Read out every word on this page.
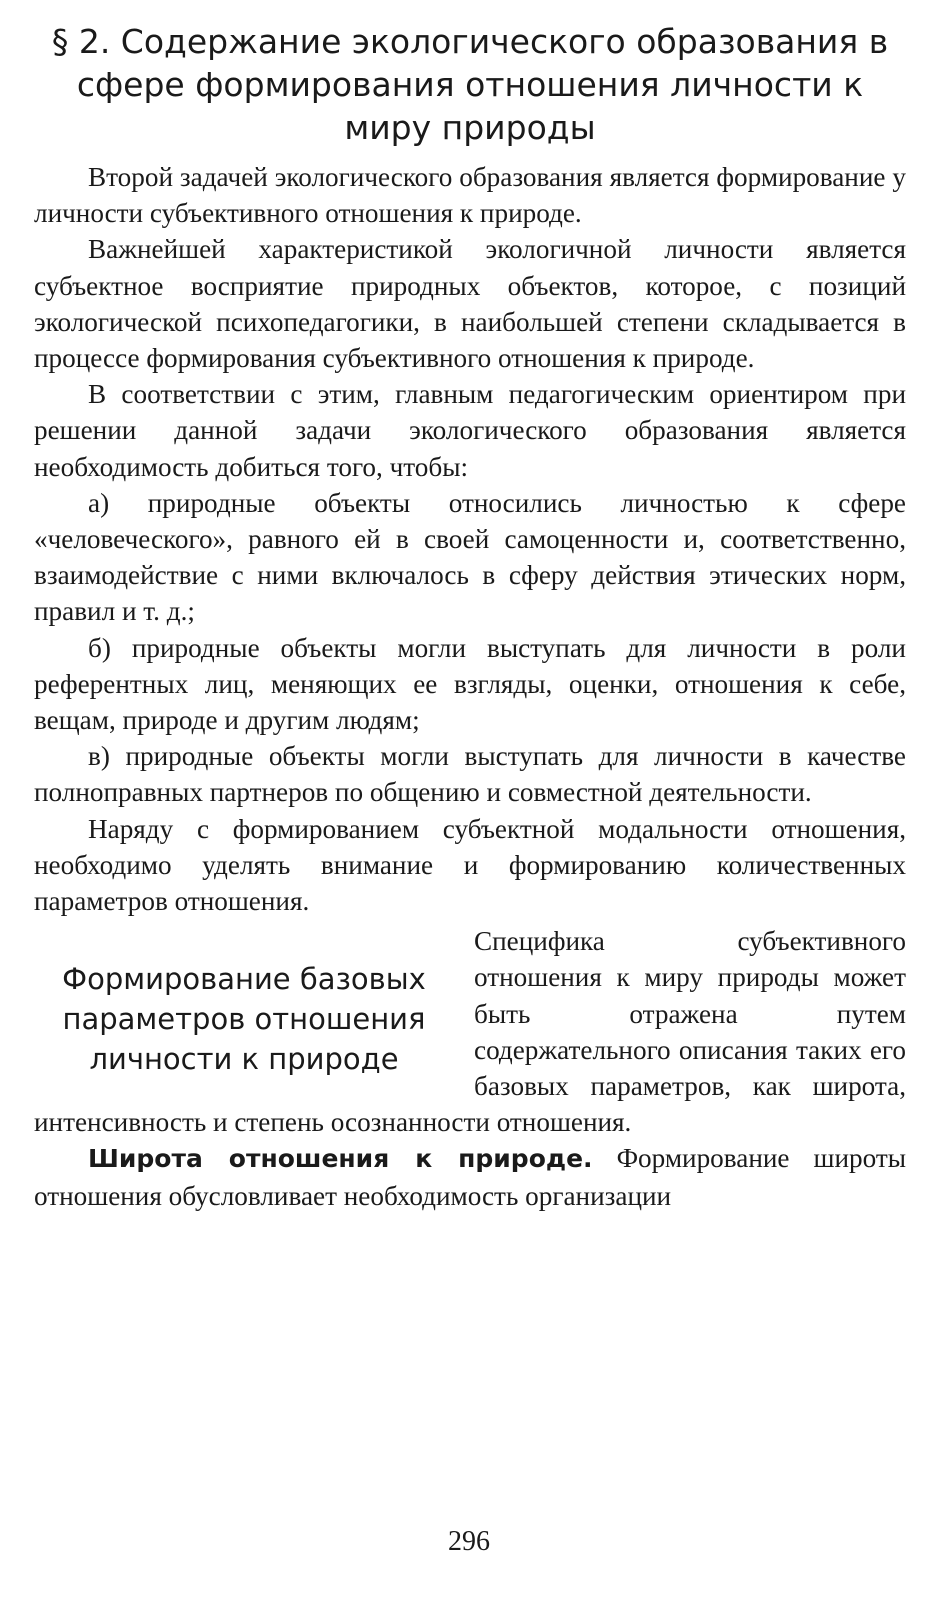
§ 2. Содержание экологического образования в сфере формирования отношения личности к миру природы

Второй задачей экологического образования является формирование у личности субъективного отношения к природе.

Важнейшей характеристикой экологичной личности является субъектное восприятие природных объектов, которое, с позиций экологической психопедагогики, в наибольшей степени складывается в процессе формирования субъективного отношения к природе.

В соответствии с этим, главным педагогическим ориентиром при решении данной задачи экологического образования является необходимость добиться того, чтобы:

а) природные объекты относились личностью к сфере «человеческого», равного ей в своей самоценности и, соответственно, взаимодействие с ними включалось в сферу действия этических норм, правил и т. д.;

б) природные объекты могли выступать для личности в роли референтных лиц, меняющих ее взгляды, оценки, отношения к себе, вещам, природе и другим людям;

в) природные объекты могли выступать для личности в качестве полноправных партнеров по общению и совместной деятельности.

Наряду с формированием субъектной модальности отношения, необходимо уделять внимание и формированию количественных параметров отношения.

Формирование базовых параметров отношения личности к природе

Специфика субъективного отношения к миру природы может быть отражена путем содержательного описания таких его базовых параметров, как широта, интенсивность и степень осознанности отношения.

Широта отношения к природе. Формирование широты отношения обусловливает необходимость организации

296
